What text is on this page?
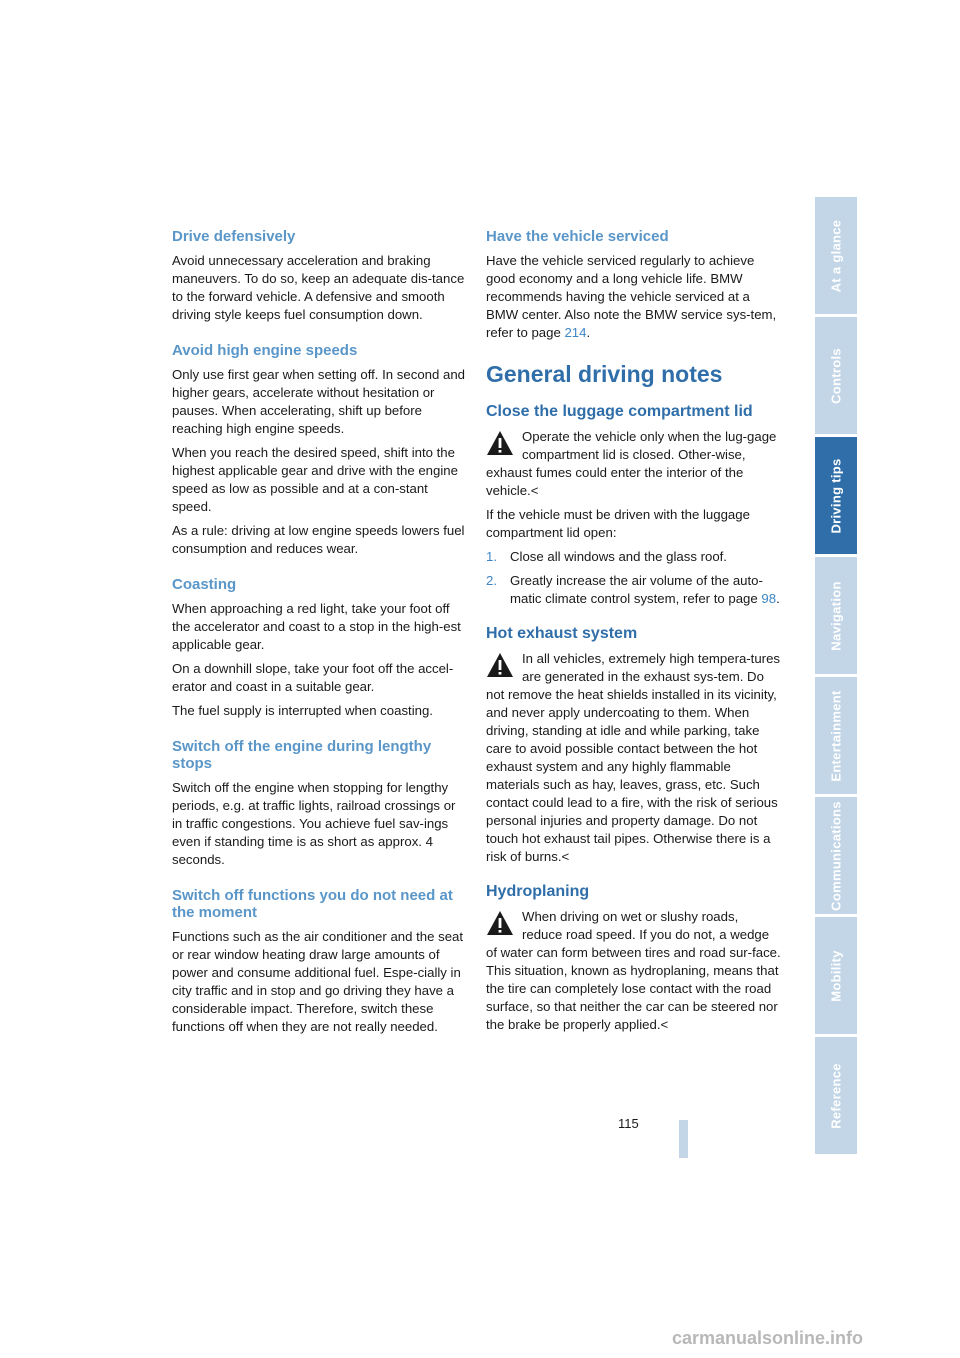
Drive defensively

Avoid unnecessary acceleration and braking maneuvers. To do so, keep an adequate dis-tance to the forward vehicle. A defensive and smooth driving style keeps fuel consumption down.

Avoid high engine speeds

Only use first gear when setting off. In second and higher gears, accelerate without hesitation or pauses. When accelerating, shift up before reaching high engine speeds.

When you reach the desired speed, shift into the highest applicable gear and drive with the engine speed as low as possible and at a con-stant speed.

As a rule: driving at low engine speeds lowers fuel consumption and reduces wear.

Coasting

When approaching a red light, take your foot off the accelerator and coast to a stop in the high-est applicable gear.

On a downhill slope, take your foot off the accel-erator and coast in a suitable gear.

The fuel supply is interrupted when coasting.

Switch off the engine during lengthy stops

Switch off the engine when stopping for lengthy periods, e.g. at traffic lights, railroad crossings or in traffic congestions. You achieve fuel sav-ings even if standing time is as short as approx. 4 seconds.

Switch off functions you do not need at the moment

Functions such as the air conditioner and the seat or rear window heating draw large amounts of power and consume additional fuel. Espe-cially in city traffic and in stop and go driving they have a considerable impact. Therefore, switch these functions off when they are not really needed.

Have the vehicle serviced

Have the vehicle serviced regularly to achieve good economy and a long vehicle life. BMW recommends having the vehicle serviced at a BMW center. Also note the BMW service sys-tem, refer to page 214.

General driving notes
Close the luggage compartment lid
Operate the vehicle only when the lug-gage compartment lid is closed. Other-wise, exhaust fumes could enter the interior of the vehicle.<

If the vehicle must be driven with the luggage compartment lid open:

1. Close all windows and the glass roof.
2. Greatly increase the air volume of the auto-matic climate control system, refer to page 98.
Hot exhaust system
In all vehicles, extremely high tempera-tures are generated in the exhaust sys-tem. Do not remove the heat shields installed in its vicinity, and never apply undercoating to them. When driving, standing at idle and while parking, take care to avoid possible contact between the hot exhaust system and any highly flammable materials such as hay, leaves, grass, etc. Such contact could lead to a fire, with the risk of serious personal injuries and property damage. Do not touch hot exhaust tail pipes. Otherwise there is a risk of burns.<
Hydroplaning
When driving on wet or slushy roads, reduce road speed. If you do not, a wedge of water can form between tires and road sur-face. This situation, known as hydroplaning, means that the tire can completely lose contact with the road surface, so that neither the car can be steered nor the brake be properly applied.<
At a glance
Controls
Driving tips
Navigation
Entertainment
Communications
Mobility
Reference
115
carmanualsonline.info
